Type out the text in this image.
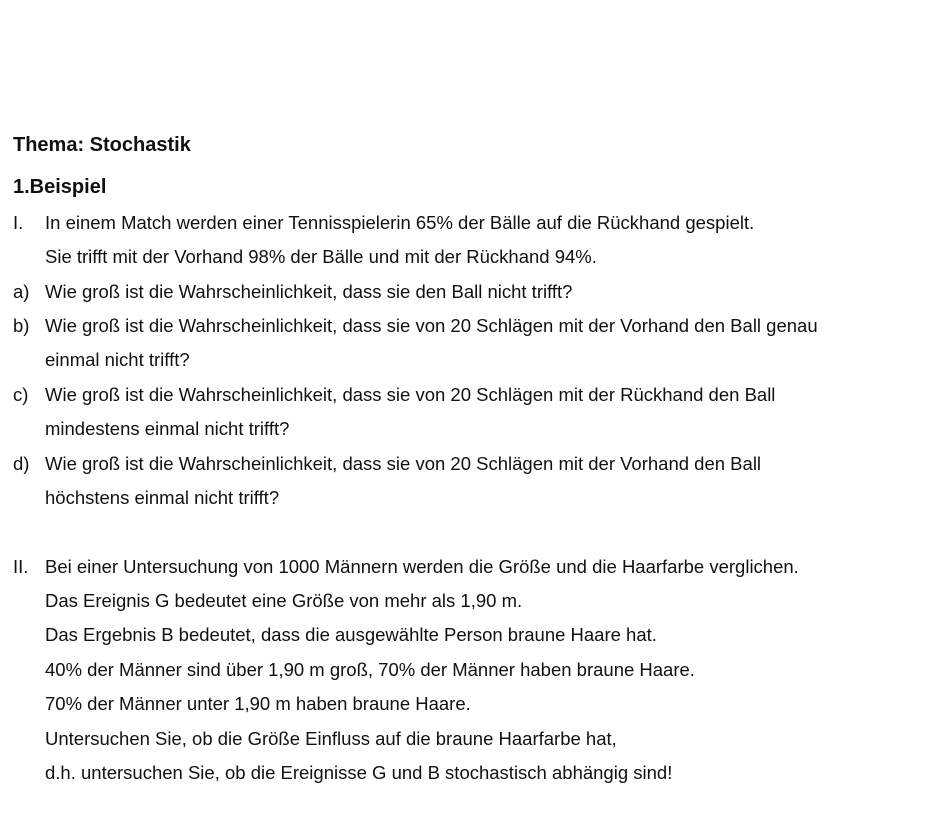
Thema: Stochastik
1.Beispiel
I. In einem Match werden einer Tennisspielerin 65% der Bälle auf die Rückhand gespielt.
Sie trifft mit der Vorhand 98% der Bälle und mit der Rückhand 94%.
a) Wie groß ist die Wahrscheinlichkeit, dass sie den Ball nicht trifft?
b) Wie groß ist die Wahrscheinlichkeit, dass sie von 20 Schlägen mit der Vorhand den Ball genau
einmal nicht trifft?
c) Wie groß ist die Wahrscheinlichkeit, dass sie von 20 Schlägen mit der Rückhand den Ball
mindestens einmal nicht trifft?
d) Wie groß ist die Wahrscheinlichkeit, dass sie von 20 Schlägen mit der Vorhand den Ball
höchstens einmal nicht trifft?
II. Bei einer Untersuchung von 1000 Männern werden die Größe und die Haarfarbe verglichen.
Das Ereignis G bedeutet eine Größe von mehr als 1,90 m.
Das Ergebnis B bedeutet, dass die ausgewählte Person braune Haare hat.
40% der Männer sind über 1,90 m groß, 70% der Männer haben braune Haare.
70% der Männer unter 1,90 m haben braune Haare.
Untersuchen Sie, ob die Größe Einfluss auf die braune Haarfarbe hat,
d.h. untersuchen Sie, ob die Ereignisse G und B stochastisch abhängig sind!
